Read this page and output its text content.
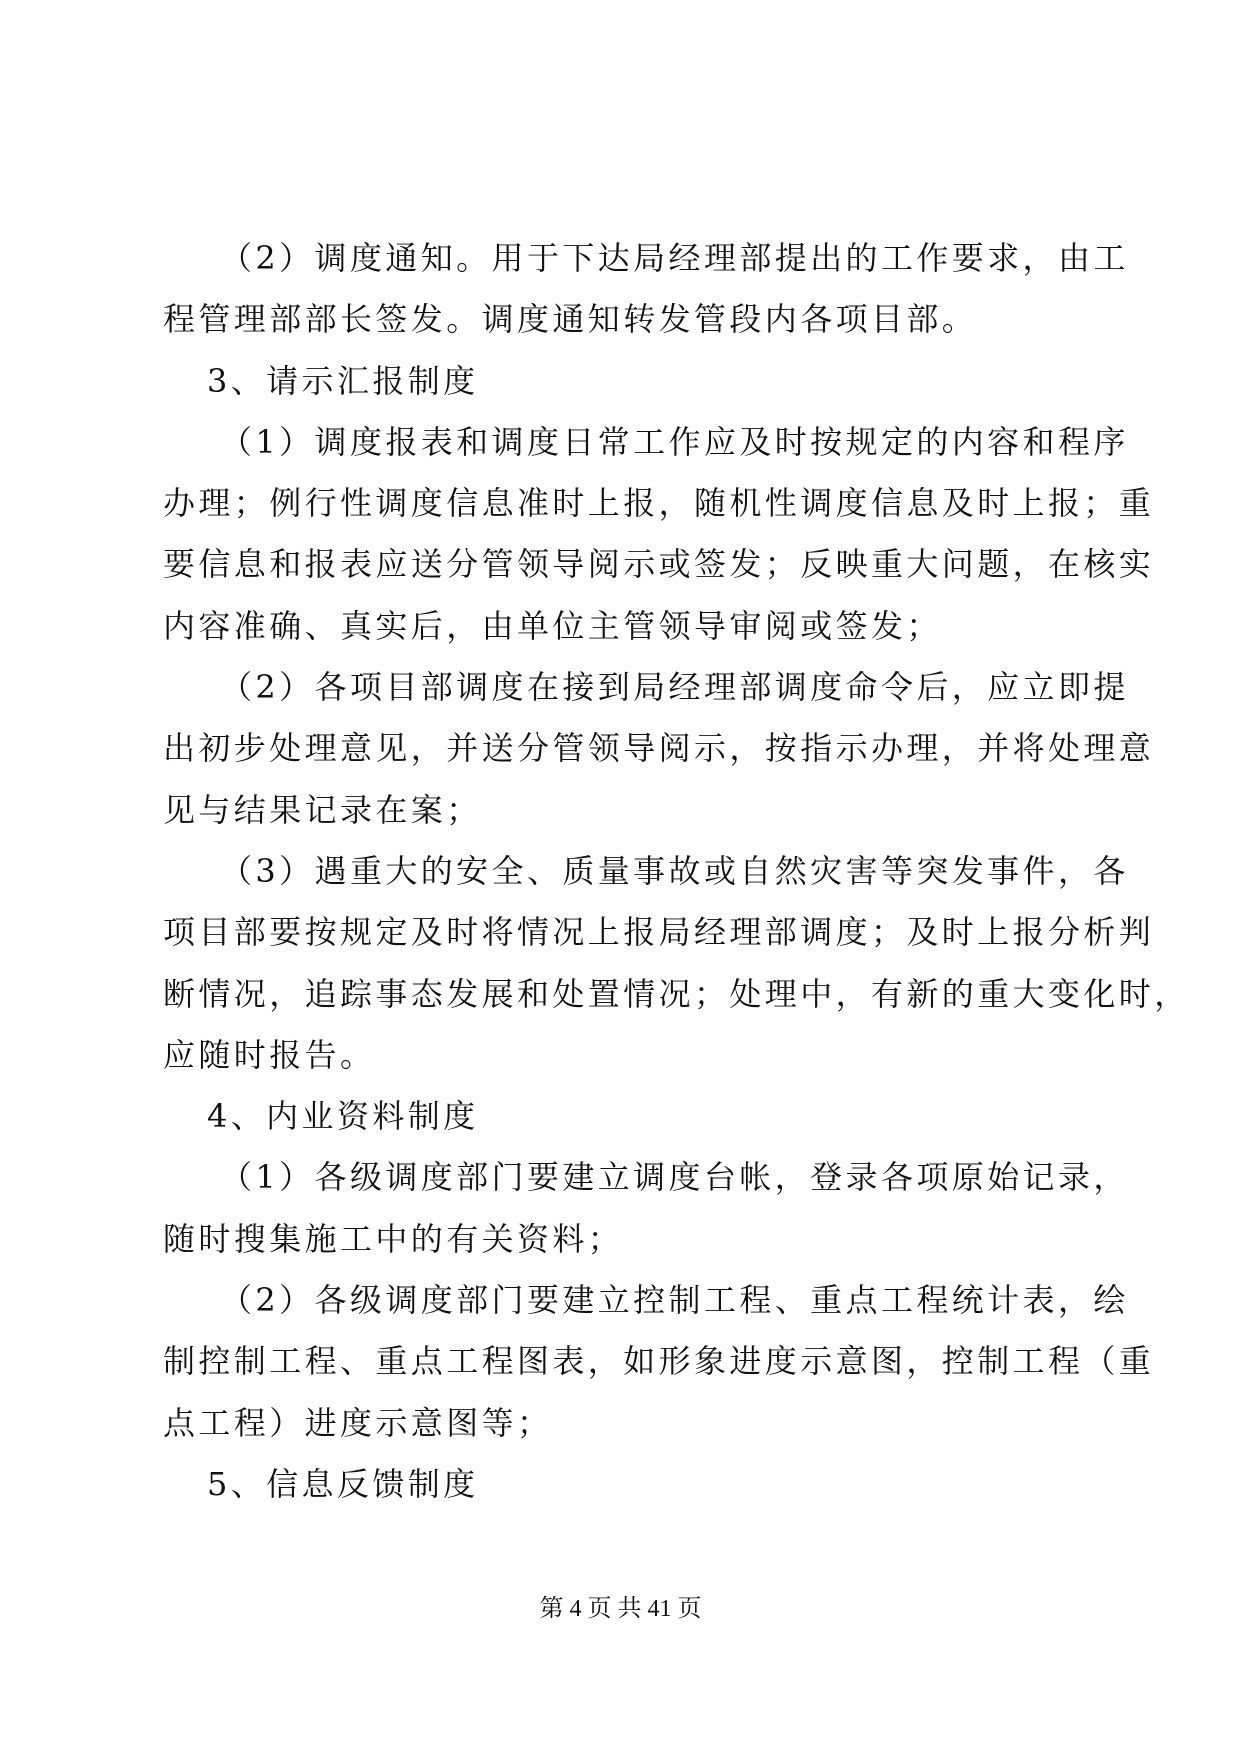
（2）调度通知。用于下达局经理部提出的工作要求，由工
程管理部部长签发。调度通知转发管段内各项目部。
3、请示汇报制度
（1）调度报表和调度日常工作应及时按规定的内容和程序
办理；例行性调度信息准时上报，随机性调度信息及时上报；重
要信息和报表应送分管领导阅示或签发；反映重大问题，在核实
内容准确、真实后，由单位主管领导审阅或签发；
（2）各项目部调度在接到局经理部调度命令后，应立即提
出初步处理意见，并送分管领导阅示，按指示办理，并将处理意
见与结果记录在案；
（3）遇重大的安全、质量事故或自然灾害等突发事件，各
项目部要按规定及时将情况上报局经理部调度；及时上报分析判
断情况，追踪事态发展和处置情况；处理中，有新的重大变化时，
应随时报告。
4、内业资料制度
（1）各级调度部门要建立调度台帐，登录各项原始记录，
随时搜集施工中的有关资料；
（2）各级调度部门要建立控制工程、重点工程统计表，绘
制控制工程、重点工程图表，如形象进度示意图，控制工程（重
点工程）进度示意图等；
5、信息反馈制度
第 4 页 共 41 页
